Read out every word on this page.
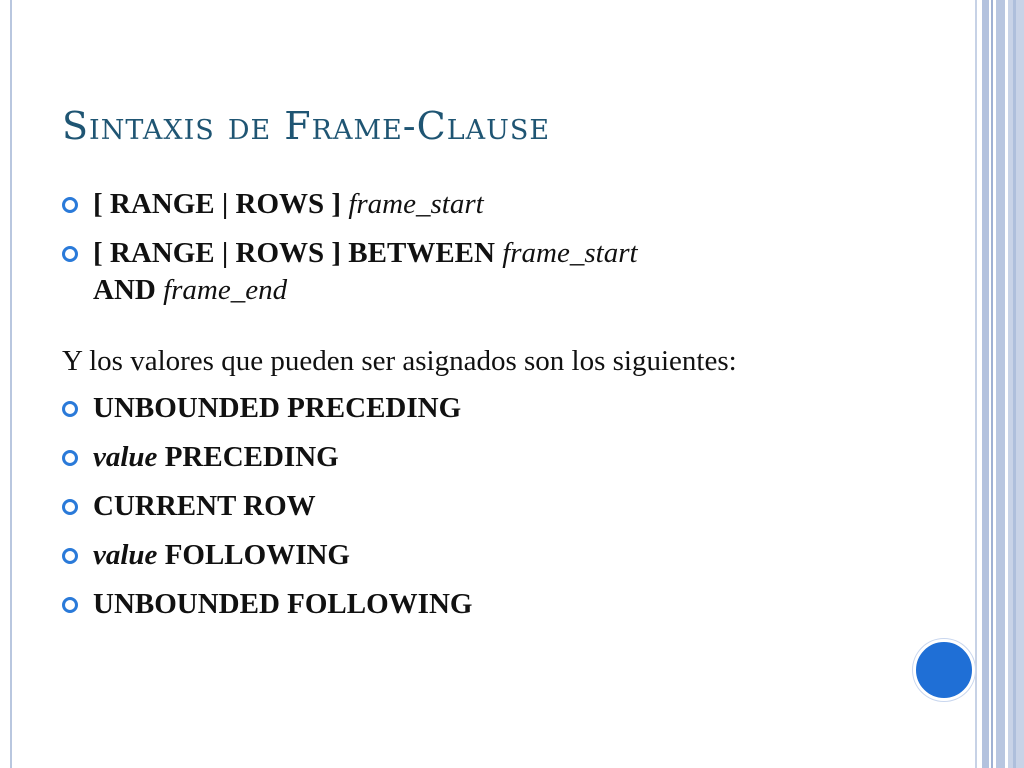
Sintaxis de Frame-Clause
[ RANGE | ROWS ] frame_start
[ RANGE | ROWS ] BETWEEN frame_start
AND frame_end
Y los valores que pueden ser asignados son los siguientes:
UNBOUNDED PRECEDING
value PRECEDING
CURRENT ROW
value FOLLOWING
UNBOUNDED FOLLOWING
